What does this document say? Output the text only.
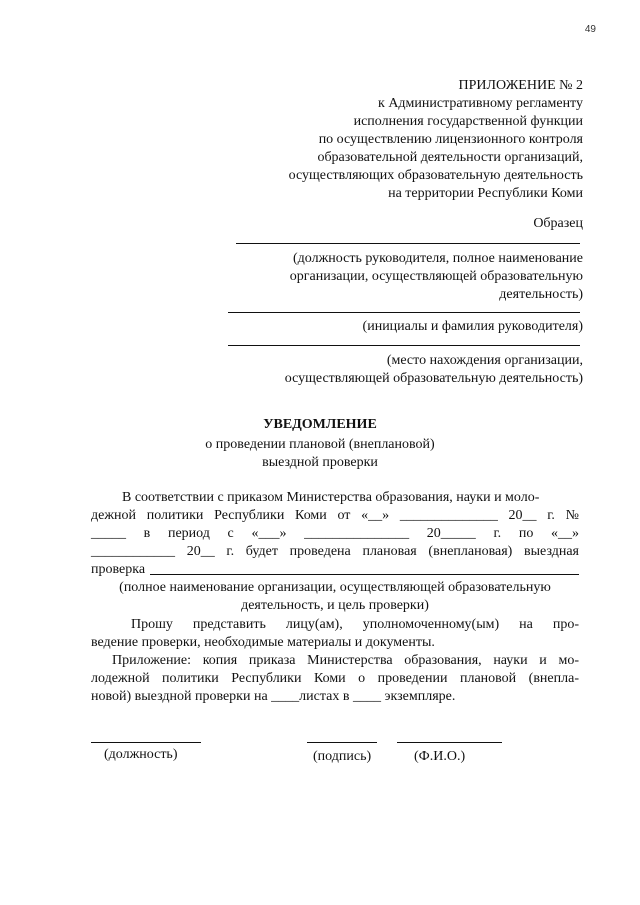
49
ПРИЛОЖЕНИЕ № 2
к Административному регламенту
исполнения государственной функции
по осуществлению лицензионного контроля
образовательной деятельности организаций,
осуществляющих образовательную деятельность
на территории Республики Коми
Образец
(должность руководителя, полное наименование
организации, осуществляющей образовательную
деятельность)
(инициалы и фамилия руководителя)
(место нахождения организации,
осуществляющей образовательную деятельность)
УВЕДОМЛЕНИЕ
о проведении плановой (внеплановой)
выездной проверки
В соответствии с приказом Министерства образования, науки и моло-
дежной политики Республики Коми от «__» ______________ 20__ г. №
_____ в период с «___» _______________ 20_____ г. по «__»
____________ 20__ г. будет проведена плановая (внеплановая) выездная
проверка
(полное наименование организации, осуществляющей образовательную
деятельность, и цель проверки)
Прошу представить лицу(ам), уполномоченному(ым) на про-
ведение проверки, необходимые материалы и документы.
Приложение: копия приказа Министерства образования, науки и мо-
лодежной политики Республики Коми о проведении плановой (внепла-
новой) выездной проверки на ____листах в ____ экземпляре.
(должность)	(подпись)	(Ф.И.О.)
